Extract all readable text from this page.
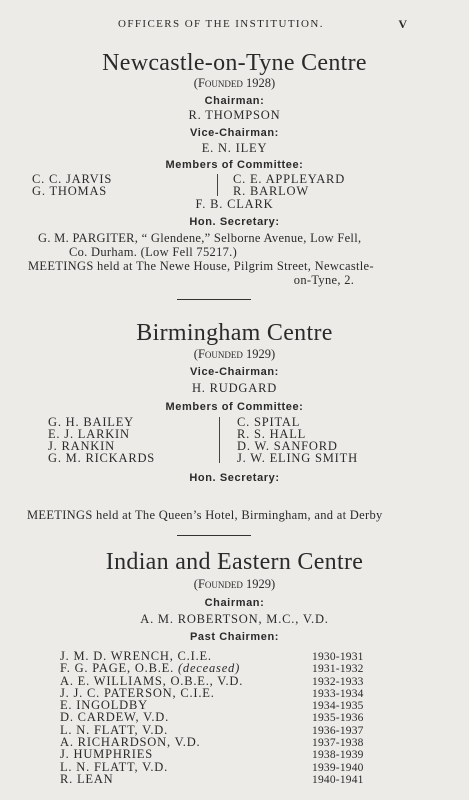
OFFICERS OF THE INSTITUTION.	V
Newcastle-on-Tyne Centre
(Founded 1928)
Chairman:
R. THOMPSON
Vice-Chairman:
E. N. ILEY
Members of Committee:
C. C. JARVIS
G. THOMAS
C. E. APPLEYARD
R. BARLOW
F. B. CLARK
Hon. Secretary:
G. M. PARGITER, “ Glendene,” Selborne Avenue, Low Fell,
Co. Durham. (Low Fell 75217.)
MEETINGS held at The Newe House, Pilgrim Street, Newcastle-
on-Tyne, 2.
Birmingham Centre
(Founded 1929)
Vice-Chairman:
H. RUDGARD
Members of Committee:
G. H. BAILEY
E. J. LARKIN
J. RANKIN
G. M. RICKARDS
C. SPITAL
R. S. HALL
D. W. SANFORD
J. W. ELING SMITH
Hon. Secretary:
MEETINGS held at The Queen’s Hotel, Birmingham, and at Derby
Indian and Eastern Centre
(Founded 1929)
Chairman:
A. M. ROBERTSON, M.C., V.D.
Past Chairmen:
J. M. D. WRENCH, C.I.E.
F. G. PAGE, O.B.E. (deceased)
A. E. WILLIAMS, O.B.E., V.D.
J. J. C. PATERSON, C.I.E.
E. INGOLDBY
D. CARDEW, V.D.
L. N. FLATT, V.D.
A. RICHARDSON, V.D.
J. HUMPHRIES
L. N. FLATT, V.D.
R. LEAN
1930-1931
1931-1932
1932-1933
1933-1934
1934-1935
1935-1936
1936-1937
1937-1938
1938-1939
1939-1940
1940-1941
